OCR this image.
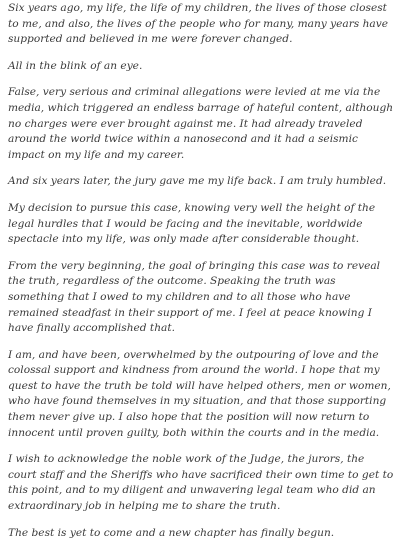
Six years ago, my life, the life of my children, the lives of those closest to me, and also, the lives of the people who for many, many years have supported and believed in me were forever changed.

All in the blink of an eye.

False, very serious and criminal allegations were levied at me via the media, which triggered an endless barrage of hateful content, although no charges were ever brought against me. It had already traveled around the world twice within a nanosecond and it had a seismic impact on my life and my career.

And six years later, the jury gave me my life back. I am truly humbled.

My decision to pursue this case, knowing very well the height of the legal hurdles that I would be facing and the inevitable, worldwide spectacle into my life, was only made after considerable thought.

From the very beginning, the goal of bringing this case was to reveal the truth, regardless of the outcome. Speaking the truth was something that I owed to my children and to all those who have remained steadfast in their support of me. I feel at peace knowing I have finally accomplished that.

I am, and have been, overwhelmed by the outpouring of love and the colossal support and kindness from around the world. I hope that my quest to have the truth be told will have helped others, men or women, who have found themselves in my situation, and that those supporting them never give up. I also hope that the position will now return to innocent until proven guilty, both within the courts and in the media.

I wish to acknowledge the noble work of the Judge, the jurors, the court staff and the Sheriffs who have sacrificed their own time to get to this point, and to my diligent and unwavering legal team who did an extraordinary job in helping me to share the truth.

The best is yet to come and a new chapter has finally begun.
